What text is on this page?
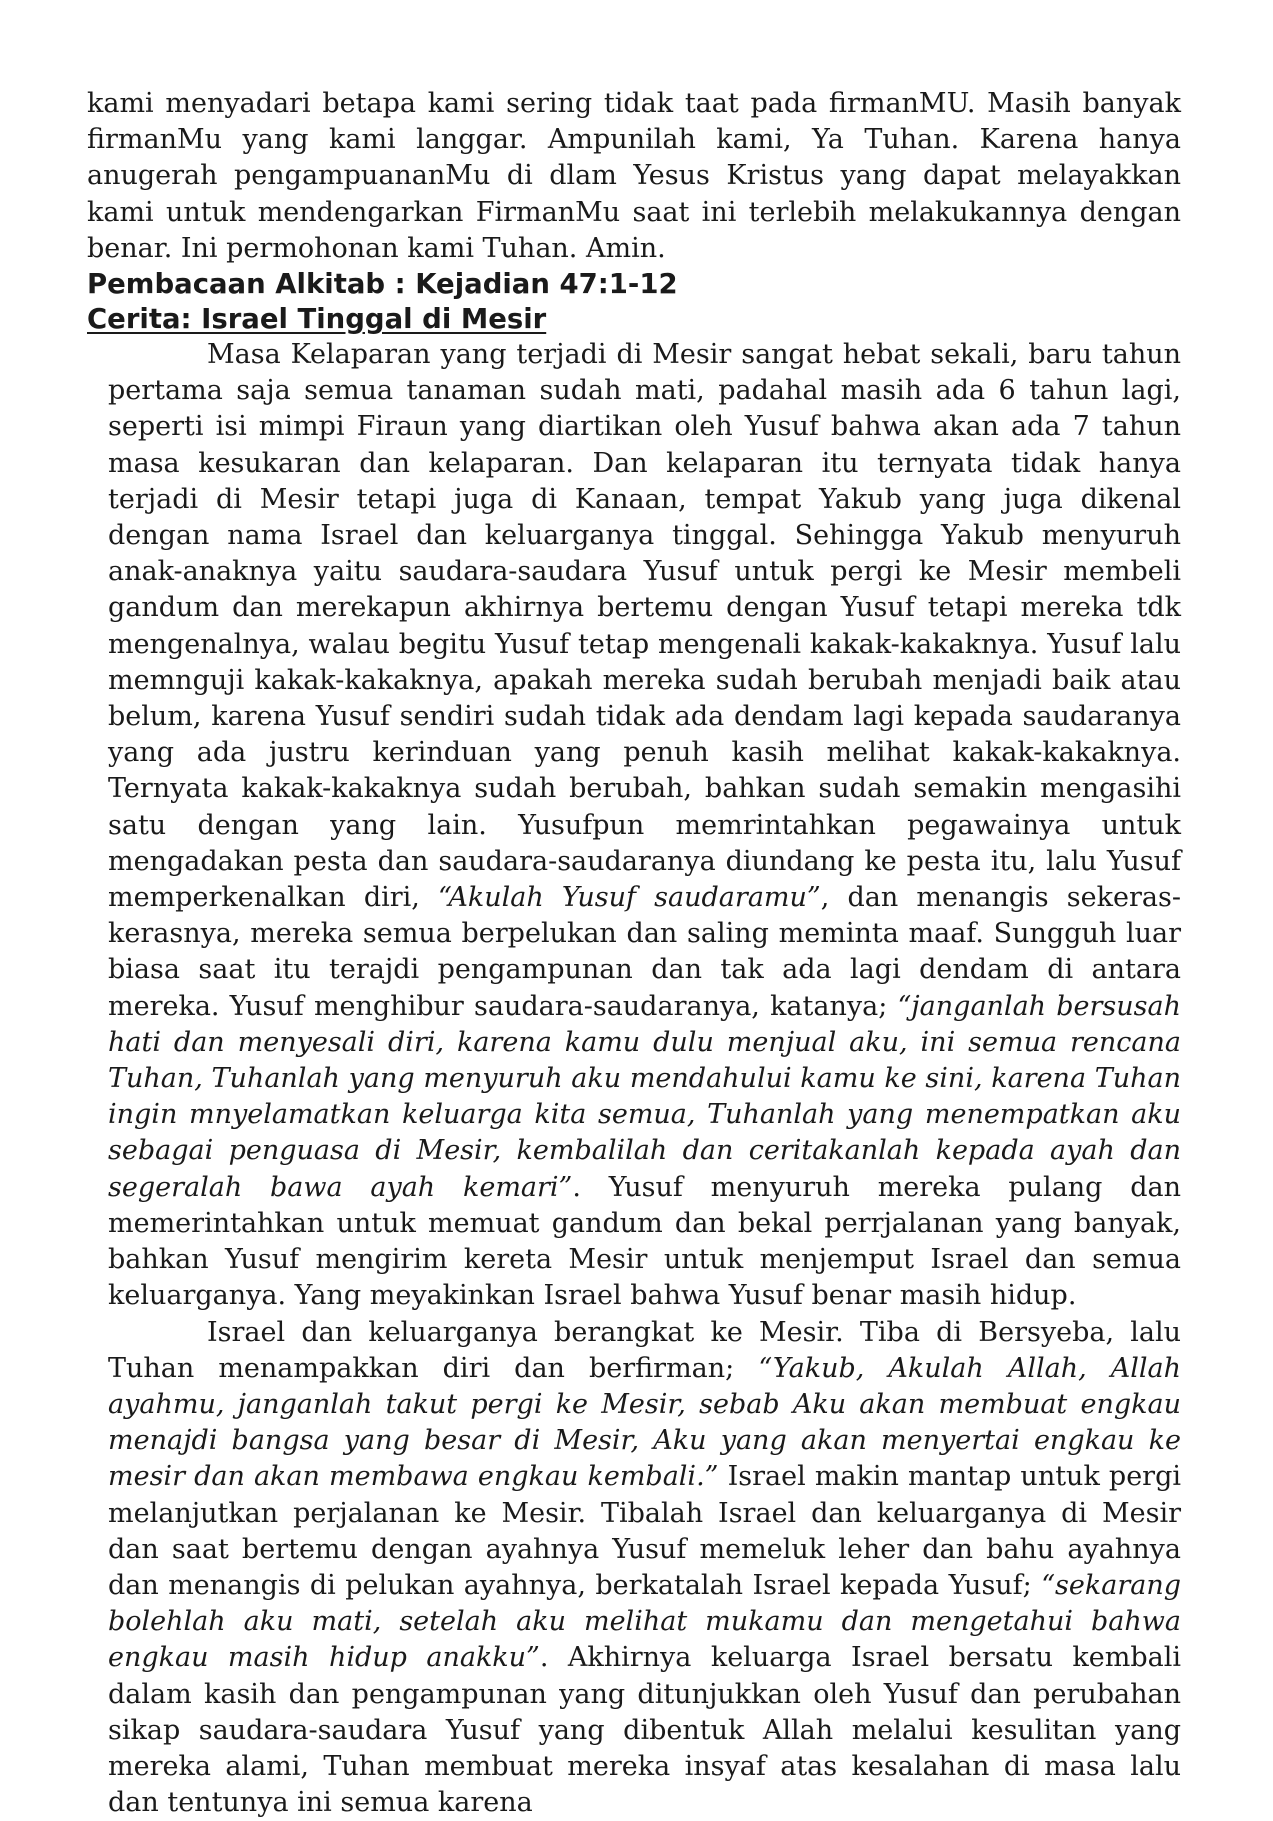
kami menyadari betapa kami sering tidak taat pada firmanMU. Masih banyak firmanMu yang kami langgar. Ampunilah kami, Ya Tuhan. Karena hanya anugerah pengampuananMu di dlam Yesus Kristus yang dapat melayakkan kami untuk mendengarkan FirmanMu saat ini terlebih melakukannya dengan benar. Ini permohonan kami Tuhan. Amin.

Pembacaan Alkitab : Kejadian 47:1-12

Cerita: Israel Tinggal di Mesir

Masa Kelaparan yang terjadi di Mesir sangat hebat sekali, baru tahun pertama saja semua tanaman sudah mati, padahal masih ada 6 tahun lagi, seperti isi mimpi Firaun yang diartikan oleh Yusuf bahwa akan ada 7 tahun masa kesukaran dan kelaparan. Dan kelaparan itu ternyata tidak hanya terjadi di Mesir tetapi juga di Kanaan, tempat Yakub yang juga dikenal dengan nama Israel dan keluarganya tinggal. Sehingga Yakub menyuruh anak-anaknya yaitu saudara-saudara Yusuf untuk pergi ke Mesir membeli gandum dan merekapun akhirnya bertemu dengan Yusuf tetapi mereka tdk mengenalnya, walau begitu Yusuf tetap mengenali kakak-kakaknya. Yusuf lalu memnguji kakak-kakaknya, apakah mereka sudah berubah menjadi baik atau belum, karena Yusuf sendiri sudah tidak ada dendam lagi kepada saudaranya yang ada justru kerinduan yang penuh kasih melihat kakak-kakaknya. Ternyata kakak-kakaknya sudah berubah, bahkan sudah semakin mengasihi satu dengan yang lain. Yusufpun memrintahkan pegawainya untuk mengadakan pesta dan saudara-saudaranya diundang ke pesta itu, lalu Yusuf memperkenalkan diri, “Akulah Yusuf saudaramu”, dan menangis sekeras-kerasnya, mereka semua berpelukan dan saling meminta maaf. Sungguh luar biasa saat itu terajdi pengampunan dan tak ada lagi dendam di antara mereka. Yusuf menghibur saudara-saudaranya, katanya; “janganlah bersusah hati dan menyesali diri, karena kamu dulu menjual aku, ini semua rencana Tuhan, Tuhanlah yang menyuruh aku mendahului kamu ke sini, karena Tuhan ingin mnyelamatkan keluarga kita semua, Tuhanlah yang menempatkan aku sebagai penguasa di Mesir, kembalilah dan ceritakanlah kepada ayah dan segeralah bawa ayah kemari”. Yusuf menyuruh mereka pulang dan memerintahkan untuk memuat gandum dan bekal perrjalanan yang banyak, bahkan Yusuf mengirim kereta Mesir untuk menjemput Israel dan semua keluarganya. Yang meyakinkan Israel bahwa Yusuf benar masih hidup.

Israel dan keluarganya berangkat ke Mesir. Tiba di Bersyeba, lalu Tuhan menampakkan diri dan berfirman; “Yakub, Akulah Allah, Allah ayahmu, janganlah takut pergi ke Mesir, sebab Aku akan membuat engkau menajdi bangsa yang besar di Mesir, Aku yang akan menyertai engkau ke mesir dan akan membawa engkau kembali.” Israel makin mantap untuk pergi melanjutkan perjalanan ke Mesir. Tibalah Israel dan keluarganya di Mesir dan saat bertemu dengan ayahnya Yusuf memeluk leher dan bahu ayahnya dan menangis di pelukan ayahnya, berkatalah Israel kepada Yusuf; “sekarang bolehlah aku mati, setelah aku melihat mukamu dan mengetahui bahwa engkau masih hidup anakku”. Akhirnya keluarga Israel bersatu kembali dalam kasih dan pengampunan yang ditunjukkan oleh Yusuf dan perubahan sikap saudara-saudara Yusuf yang dibentuk Allah melalui kesulitan yang mereka alami, Tuhan membuat mereka insyaf atas kesalahan di masa lalu dan tentunya ini semua karena
